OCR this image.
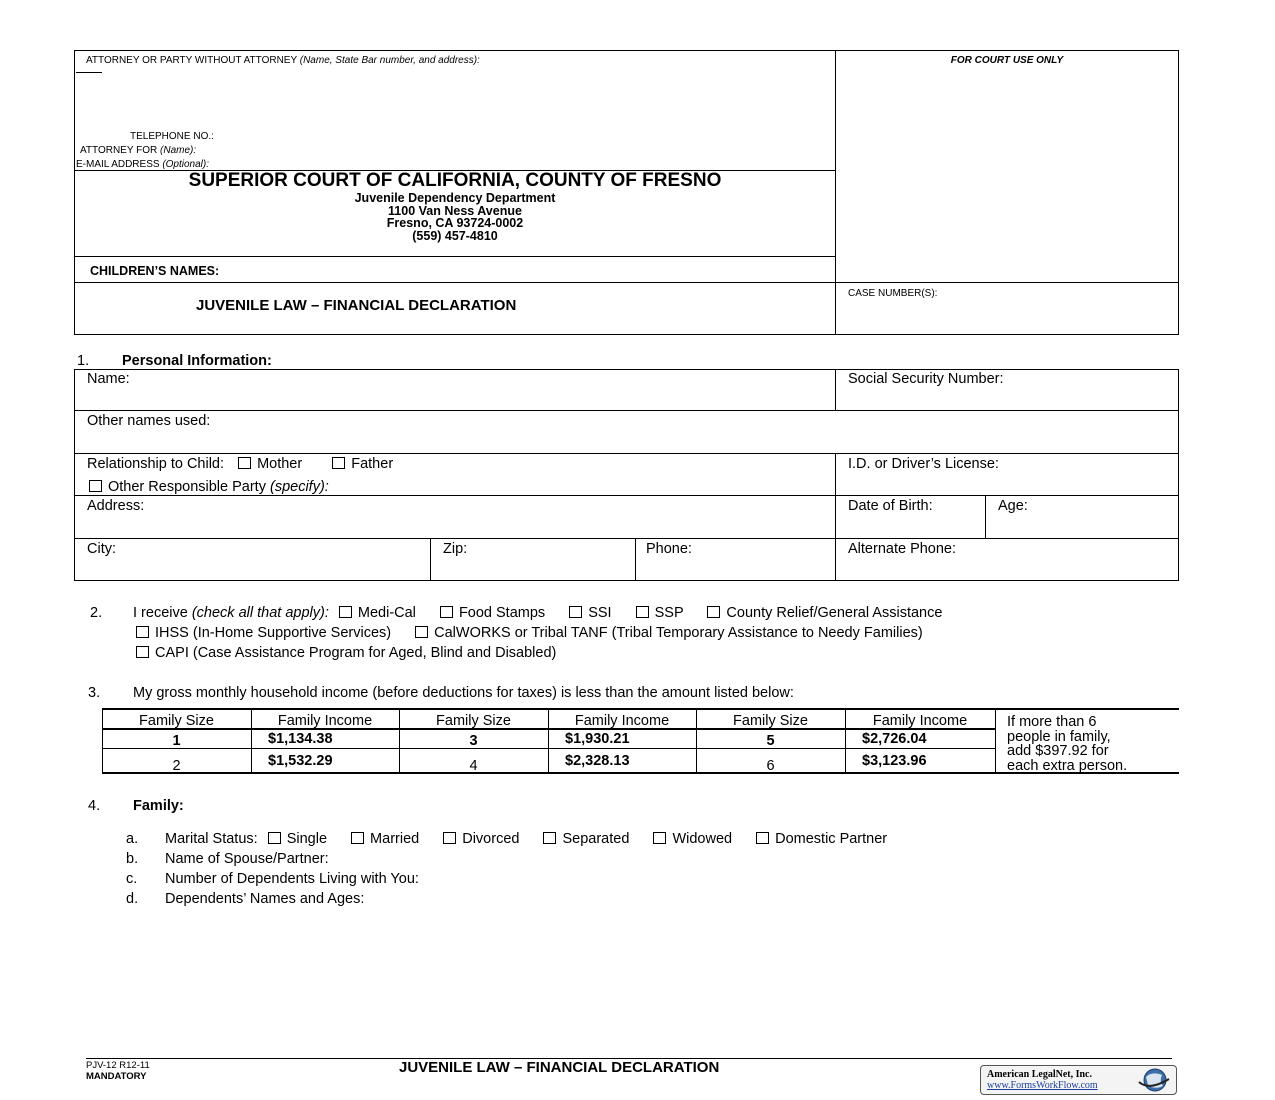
ATTORNEY OR PARTY WITHOUT ATTORNEY (Name, State Bar number, and address):	FOR COURT USE ONLY
TELEPHONE NO.:
ATTORNEY FOR (Name):
E-MAIL ADDRESS (Optional):
SUPERIOR COURT OF CALIFORNIA, COUNTY OF FRESNO
Juvenile Dependency Department
1100 Van Ness Avenue
Fresno, CA 93724-0002
(559) 457-4810
CHILDREN’S NAMES:
JUVENILE LAW – FINANCIAL DECLARATION
CASE NUMBER(S):
1. Personal Information:
Name:	Social Security Number:
Other names used:
Relationship to Child: Mother	Father
Other Responsible Party (specify):
I.D. or Driver’s License:
Address:	Date of Birth:	Age:
City:	Zip:	Phone:	Alternate Phone:
2. I receive (check all that apply): Medi-Cal	Food Stamps	SSI	SSP	County Relief/General Assistance
IHSS (In-Home Supportive Services)	CalWORKS or Tribal TANF (Tribal Temporary Assistance to Needy Families)
CAPI (Case Assistance Program for Aged, Blind and Disabled)
3. My gross monthly household income (before deductions for taxes) is less than the amount listed below:
Family Size	Family Income	Family Size	Family Income	Family Size	Family Income
1	$1,134.38	3	$1,930.21	5	$2,726.04
2	$1,532.29	4	$2,328.13	6	$3,123.96
If more than 6
people in family,
add $397.92 for
each extra person.
4. Family:
a. Marital Status: Single	Married	Divorced	Separated	Widowed	Domestic Partner
b. Name of Spouse/Partner:
c. Number of Dependents Living with You:
d. Dependents’ Names and Ages:
PJV-12 R12-11
MANDATORY
JUVENILE LAW – FINANCIAL DECLARATION	American LegalNet, Inc.
www.FormsWorkFlow.com
